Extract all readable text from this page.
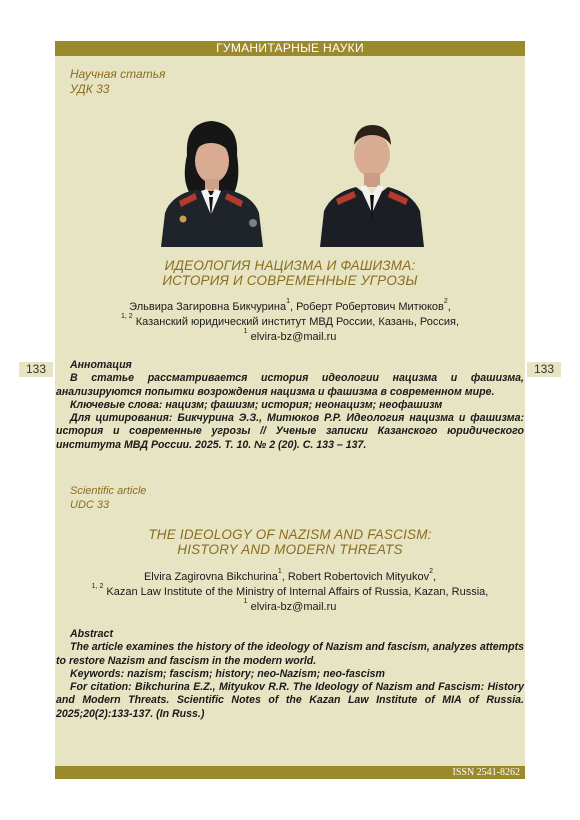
ГУМАНИТАРНЫЕ НАУКИ
133	133
Научная статья
УДК 33
ИДЕОЛОГИЯ НАЦИЗМА И ФАШИЗМА:
ИСТОРИЯ И СОВРЕМЕННЫЕ УГРОЗЫ
Эльвира Загировна Бикчурина$^1$, Роберт Робертович Митюков$^2$,
$^{1, 2}$ Казанский юридический институт МВД России, Казань, Россия,
$^1$ elvira-bz@mail.ru

Аннотация

В статье рассматривается история идеологии нацизма и фашизма, анализируются попытки возрождения нацизма и фашизма в современном мире.

Ключевые слова: нацизм; фашизм; история; неонацизм; неофашизм

Для цитирования: Бикчурина Э.З., Митюков Р.Р. Идеология нацизма и фашизма: история и современные угрозы // Ученые записки Казанского юридического института МВД России. 2025. Т. 10. № 2 (20). С. 133 – 137.

Scientific article
UDC 33
THE IDEOLOGY OF NAZISM AND FASCISM:
HISTORY AND MODERN THREATS
Elvira Zagirovna Bikchurina$^1$, Robert Robertovich Mityukov$^2$,
$^{1, 2}$ Kazan Law Institute of the Ministry of Internal Affairs of Russia, Kazan, Russia,
$^1$ elvira-bz@mail.ru

Abstract

The article examines the history of the ideology of Nazism and fascism, analyzes attempts to restore Nazism and fascism in the modern world.

Keywords: nazism; fascism; history; neo-Nazism; neo-fascism

For citation: Bikchurina E.Z., Mityukov R.R. The Ideology of Nazism and Fascism: History and Modern Threats. Scientific Notes of the Kazan Law Institute of MIA of Russia. 2025;20(2):133-137. (In Russ.)

ISSN 2541-8262
